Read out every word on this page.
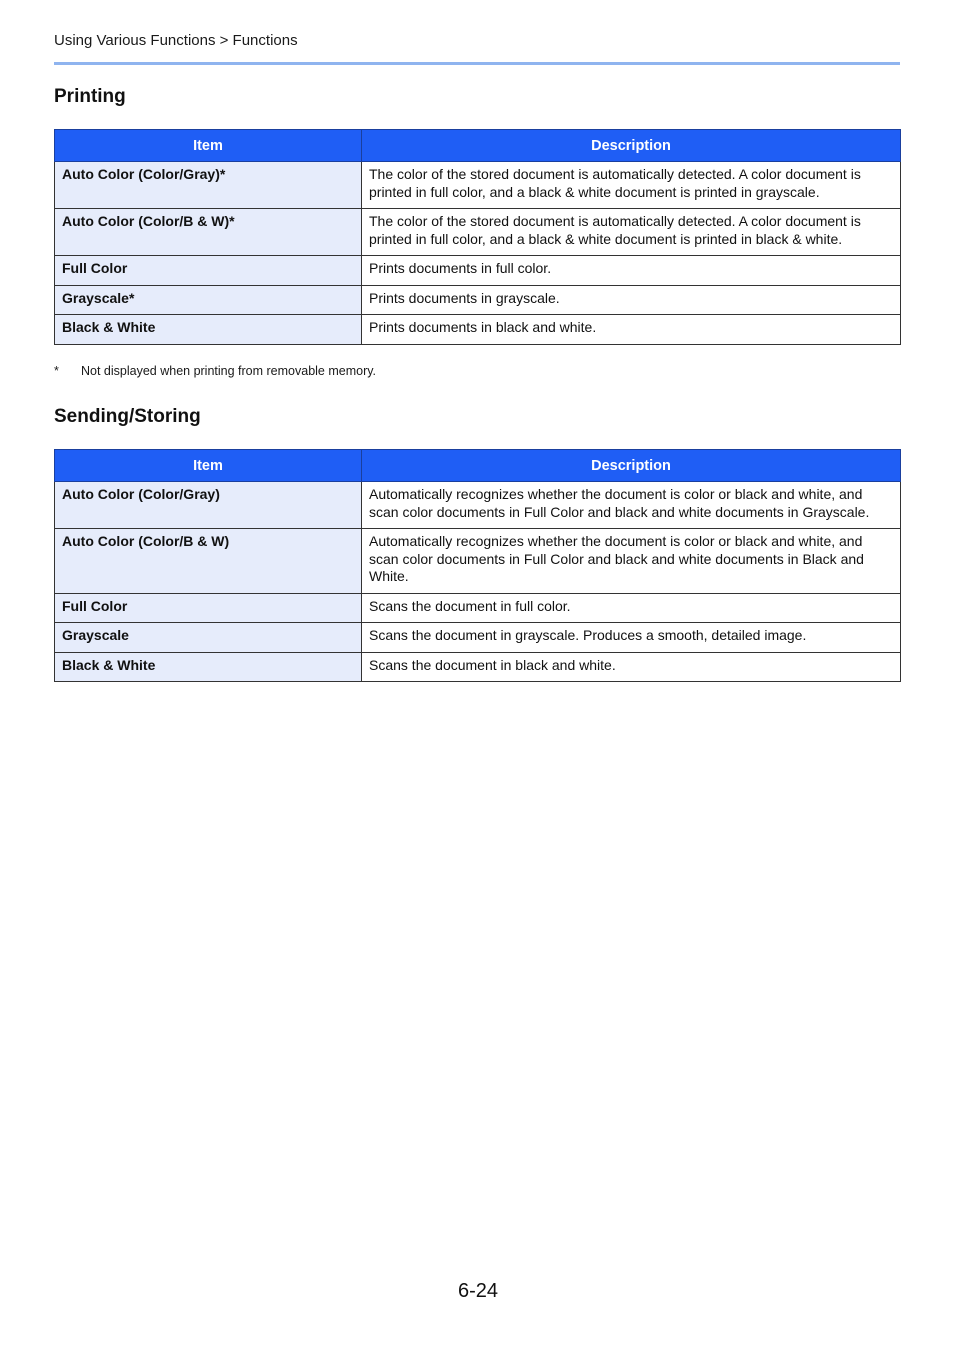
Using Various Functions > Functions
Printing
Item	Description
Auto Color (Color/Gray)*	The color of the stored document is automatically detected. A color document is printed in full color, and a black & white document is printed in grayscale.
Auto Color (Color/B & W)*	The color of the stored document is automatically detected. A color document is printed in full color, and a black & white document is printed in black & white.
Full Color	Prints documents in full color.
Grayscale*	Prints documents in grayscale.
Black & White	Prints documents in black and white.
* Not displayed when printing from removable memory.
Sending/Storing
Item	Description
Auto Color (Color/Gray)	Automatically recognizes whether the document is color or black and white, and scan color documents in Full Color and black and white documents in Grayscale.
Auto Color (Color/B & W)	Automatically recognizes whether the document is color or black and white, and scan color documents in Full Color and black and white documents in Black and White.
Full Color	Scans the document in full color.
Grayscale	Scans the document in grayscale. Produces a smooth, detailed image.
Black & White	Scans the document in black and white.
6-24
